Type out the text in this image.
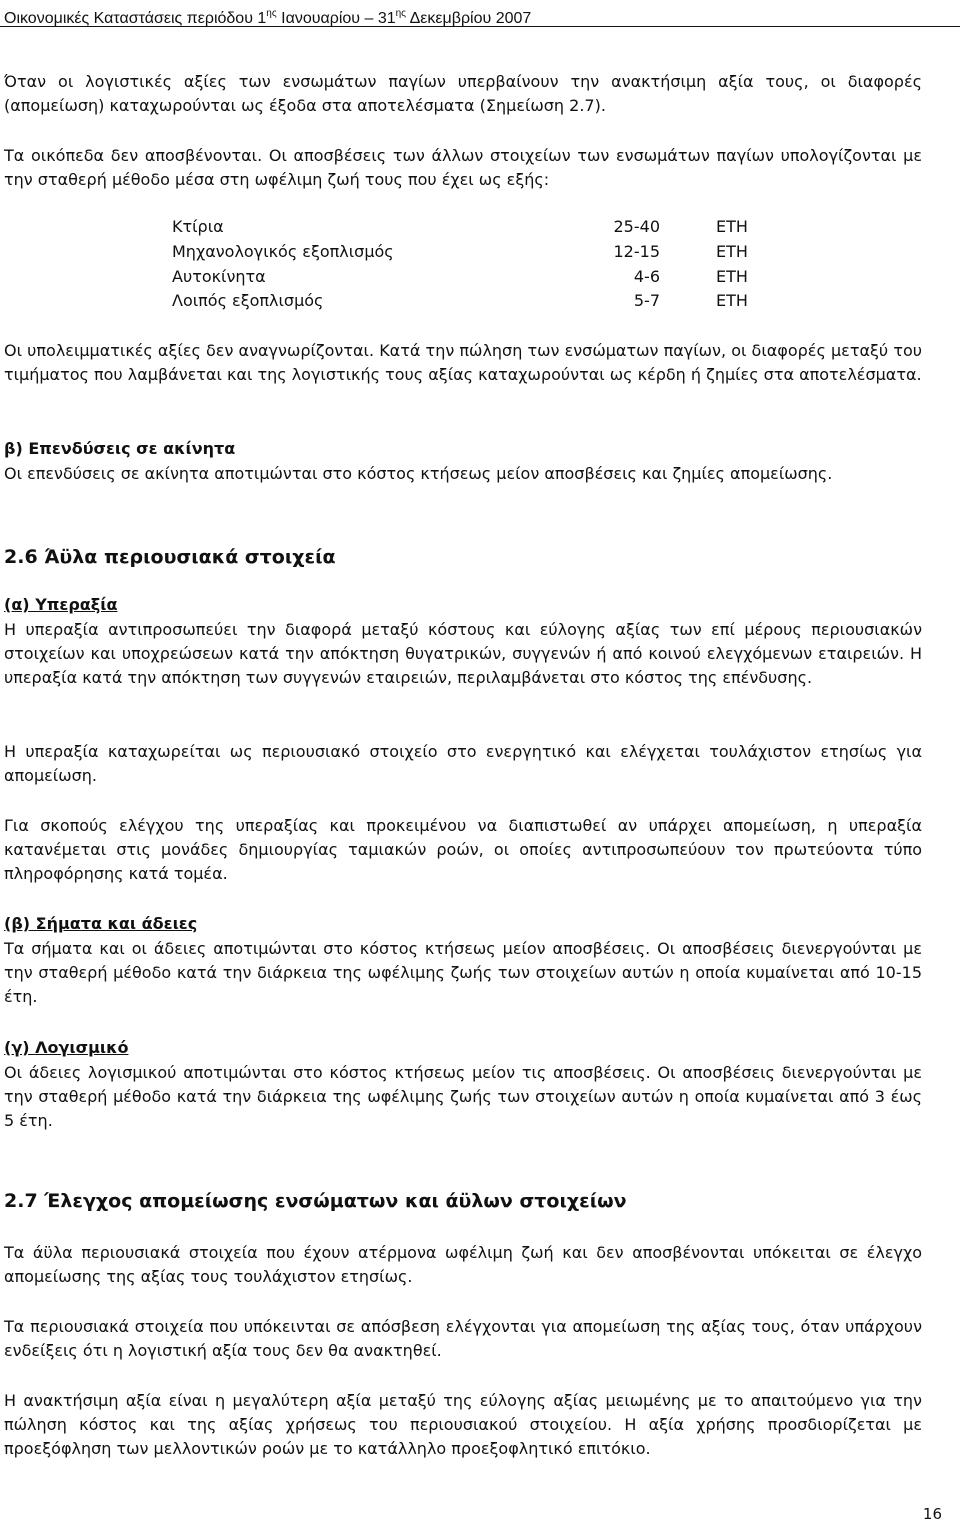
Οικονομικές Καταστάσεις περιόδου $1^{\eta\varsigma}$ Ιανουαρίου – $31^{\eta\varsigma}$ Δεκεμβρίου 2007

Όταν οι λογιστικές αξίες των ενσωμάτων παγίων υπερβαίνουν την ανακτήσιμη αξία τους, οι διαφορές (απομείωση) καταχωρούνται ως έξοδα στα αποτελέσματα (Σημείωση 2.7).

Τα οικόπεδα δεν αποσβένονται. Οι αποσβέσεις των άλλων στοιχείων των ενσωμάτων παγίων υπολογίζονται με την σταθερή μέθοδο μέσα στη ωφέλιμη ζωή τους που έχει ως εξής:

Κτίρια	25-40	ΕΤΗ
Μηχανολογικός εξοπλισμός	12-15	ΕΤΗ
Αυτοκίνητα	4-6	ΕΤΗ
Λοιπός εξοπλισμός	5-7	ΕΤΗ

Οι υπολειμματικές αξίες δεν αναγνωρίζονται. Κατά την πώληση των ενσώματων παγίων, οι διαφορές μεταξύ του τιμήματος που λαμβάνεται και της λογιστικής τους αξίας καταχωρούνται ως κέρδη ή ζημίες στα αποτελέσματα.

β) Επενδύσεις σε ακίνητα

Οι επενδύσεις σε ακίνητα αποτιμώνται στο κόστος κτήσεως μείον αποσβέσεις και ζημίες απομείωσης.

2.6 Άϋλα περιουσιακά στοιχεία

(α) Υπεραξία

Η υπεραξία αντιπροσωπεύει την διαφορά μεταξύ κόστους και εύλογης αξίας των επί μέρους περιουσιακών στοιχείων και υποχρεώσεων κατά την απόκτηση θυγατρικών, συγγενών ή από κοινού ελεγχόμενων εταιρειών. Η υπεραξία κατά την απόκτηση των συγγενών εταιρειών, περιλαμβάνεται στο κόστος της επένδυσης.

Η υπεραξία καταχωρείται ως περιουσιακό στοιχείο στο ενεργητικό και ελέγχεται τουλάχιστον ετησίως για απομείωση.

Για σκοπούς ελέγχου της υπεραξίας και προκειμένου να διαπιστωθεί αν υπάρχει απομείωση, η υπεραξία κατανέμεται στις μονάδες δημιουργίας ταμιακών ροών, οι οποίες αντιπροσωπεύουν τον πρωτεύοντα τύπο πληροφόρησης κατά τομέα.

(β) Σήματα και άδειες

Τα σήματα και οι άδειες αποτιμώνται στο κόστος κτήσεως μείον αποσβέσεις. Οι αποσβέσεις διενεργούνται με την σταθερή μέθοδο κατά την διάρκεια της ωφέλιμης ζωής των στοιχείων αυτών η οποία κυμαίνεται από 10-15 έτη.

(γ) Λογισμικό

Οι άδειες λογισμικού αποτιμώνται στο κόστος κτήσεως μείον τις αποσβέσεις. Οι αποσβέσεις διενεργούνται με την σταθερή μέθοδο κατά την διάρκεια της ωφέλιμης ζωής των στοιχείων αυτών η οποία κυμαίνεται από 3 έως 5 έτη.

2.7 Έλεγχος απομείωσης ενσώματων και άϋλων στοιχείων

Τα άϋλα περιουσιακά στοιχεία που έχουν ατέρμονα ωφέλιμη ζωή και δεν αποσβένονται υπόκειται σε έλεγχο απομείωσης της αξίας τους τουλάχιστον ετησίως.

Τα περιουσιακά στοιχεία που υπόκεινται σε απόσβεση ελέγχονται για απομείωση της αξίας τους, όταν υπάρχουν ενδείξεις ότι η λογιστική αξία τους δεν θα ανακτηθεί.

Η ανακτήσιμη αξία είναι η μεγαλύτερη αξία μεταξύ της εύλογης αξίας μειωμένης με το απαιτούμενο για την πώληση κόστος και της αξίας χρήσεως του περιουσιακού στοιχείου. Η αξία χρήσης προσδιορίζεται με προεξόφληση των μελλοντικών ροών με το κατάλληλο προεξοφλητικό επιτόκιο.

16
